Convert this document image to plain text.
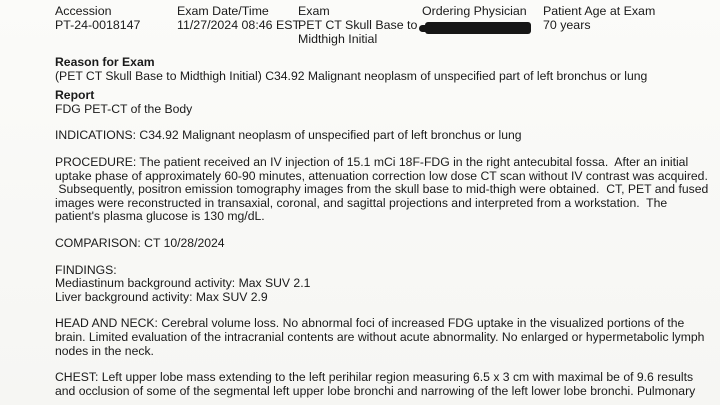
Accession
PT-24-0018147
Exam Date/Time
11/27/2024 08:46 EST
Exam
PET CT Skull Base to
Midthigh Initial
Ordering Physician Patient Age at Exam
70 years
Reason for Exam
(PET CT Skull Base to Midthigh Initial) C34.92 Malignant neoplasm of unspecified part of left bronchus or lung
Report
FDG PET-CT of the Body
INDICATIONS: C34.92 Malignant neoplasm of unspecified part of left bronchus or lung
PROCEDURE: The patient received an IV injection of 15.1 mCi 18F-FDG in the right antecubital fossa.  After an initial
uptake phase of approximately 60-90 minutes, attenuation correction low dose CT scan without IV contrast was acquired.
Subsequently, positron emission tomography images from the skull base to mid-thigh were obtained.  CT, PET and fused
images were reconstructed in transaxial, coronal, and sagittal projections and interpreted from a workstation.  The
patient's plasma glucose is 130 mg/dL.
COMPARISON: CT 10/28/2024
FINDINGS:
Mediastinum background activity: Max SUV 2.1
Liver background activity: Max SUV 2.9
HEAD AND NECK: Cerebral volume loss. No abnormal foci of increased FDG uptake in the visualized portions of the
brain. Limited evaluation of the intracranial contents are without acute abnormality. No enlarged or hypermetabolic lymph
nodes in the neck.
CHEST: Left upper lobe mass extending to the left perihilar region measuring 6.5 x 3 cm with maximal be of 9.6 results
and occlusion of some of the segmental left upper lobe bronchi and narrowing of the left lower lobe bronchi. Pulmonary
